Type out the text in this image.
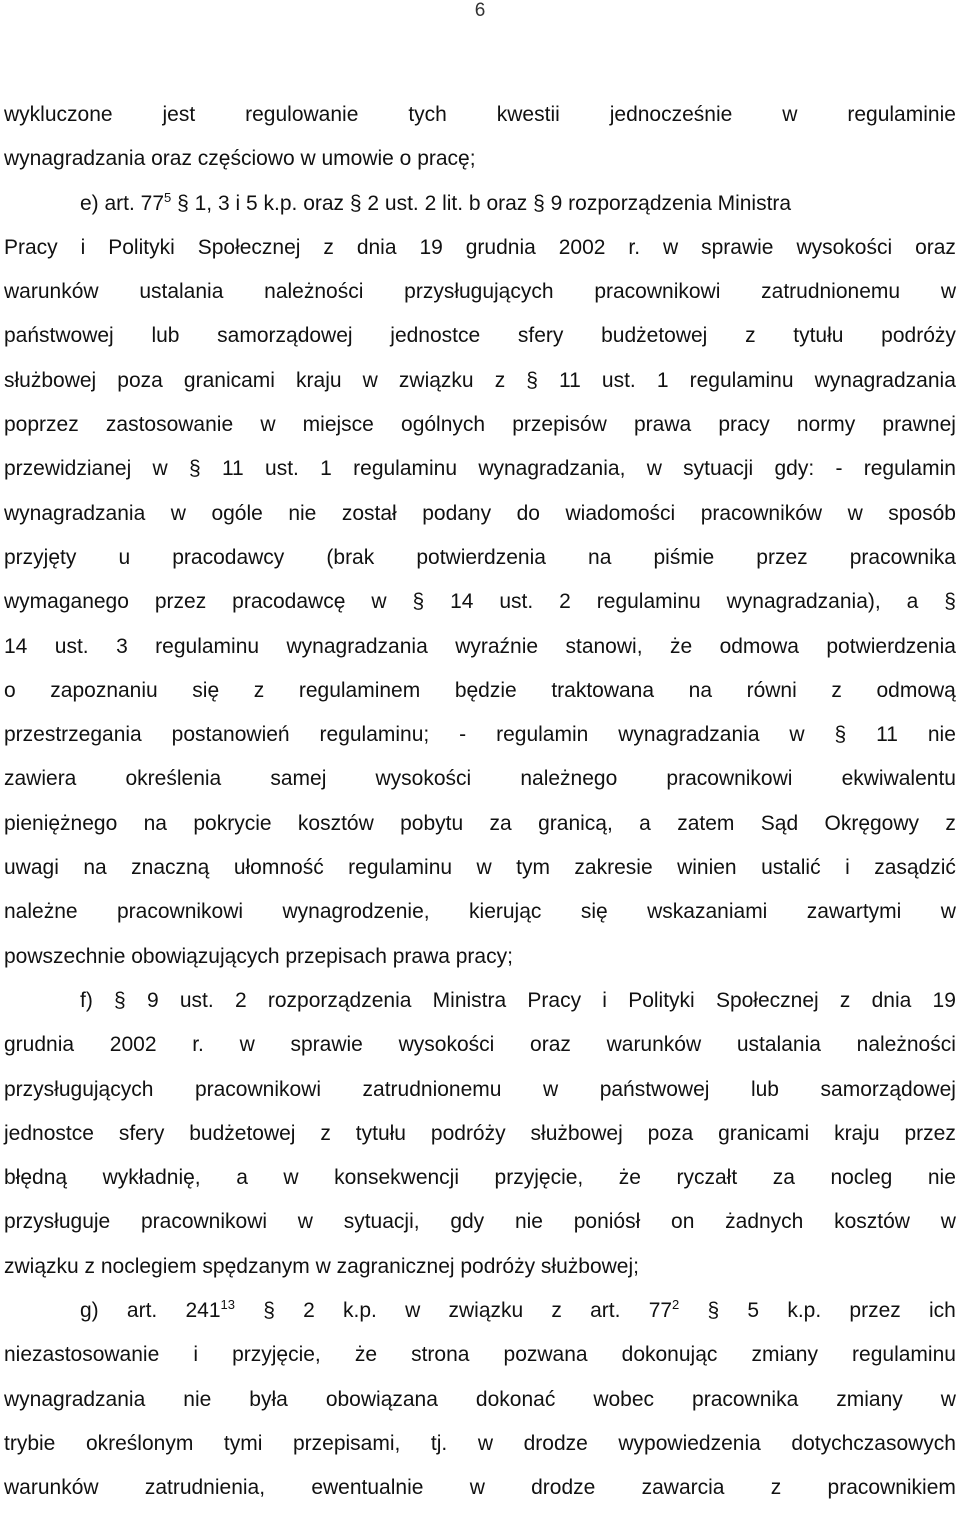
6
wykluczone jest regulowanie tych kwestii jednocześnie w regulaminie
wynagradzania oraz częściowo w umowie o pracę;
e) art. $77^5$ § 1, 3 i 5 k.p. oraz § 2 ust. 2 lit. b oraz § 9 rozporządzenia Ministra
Pracy i Polityki Społecznej z dnia 19 grudnia 2002 r. w sprawie wysokości oraz
warunków ustalania należności przysługujących pracownikowi zatrudnionemu w
państwowej lub samorządowej jednostce sfery budżetowej z tytułu podróży
służbowej poza granicami kraju w związku z § 11 ust. 1 regulaminu wynagradzania
poprzez zastosowanie w miejsce ogólnych przepisów prawa pracy normy prawnej
przewidzianej w § 11 ust. 1 regulaminu wynagradzania, w sytuacji gdy: - regulamin
wynagradzania w ogóle nie został podany do wiadomości pracowników w sposób
przyjęty u pracodawcy (brak potwierdzenia na piśmie przez pracownika
wymaganego przez pracodawcę w § 14 ust. 2 regulaminu wynagradzania), a §
14 ust. 3 regulaminu wynagradzania wyraźnie stanowi, że odmowa potwierdzenia
o zapoznaniu się z regulaminem będzie traktowana na równi z odmową
przestrzegania postanowień regulaminu; - regulamin wynagradzania w § 11 nie
zawiera określenia samej wysokości należnego pracownikowi ekwiwalentu
pieniężnego na pokrycie kosztów pobytu za granicą, a zatem Sąd Okręgowy z
uwagi na znaczną ułomność regulaminu w tym zakresie winien ustalić i zasądzić
należne pracownikowi wynagrodzenie, kierując się wskazaniami zawartymi w
powszechnie obowiązujących przepisach prawa pracy;
f) § 9 ust. 2 rozporządzenia Ministra Pracy i Polityki Społecznej z dnia 19
grudnia 2002 r. w sprawie wysokości oraz warunków ustalania należności
przysługujących pracownikowi zatrudnionemu w państwowej lub samorządowej
jednostce sfery budżetowej z tytułu podróży służbowej poza granicami kraju przez
błędną wykładnię, a w konsekwencji przyjęcie, że ryczałt za nocleg nie
przysługuje pracownikowi w sytuacji, gdy nie poniósł on żadnych kosztów w
związku z noclegiem spędzanym w zagranicznej podróży służbowej;
g) art. $241^{13}$ § 2 k.p. w związku z art. $77^2$ § 5 k.p. przez ich
niezastosowanie i przyjęcie, że strona pozwana dokonując zmiany regulaminu
wynagradzania nie była obowiązana dokonać wobec pracownika zmiany w
trybie określonym tymi przepisami, tj. w drodze wypowiedzenia dotychczasowych
warunków zatrudnienia, ewentualnie w drodze zawarcia z pracownikiem
